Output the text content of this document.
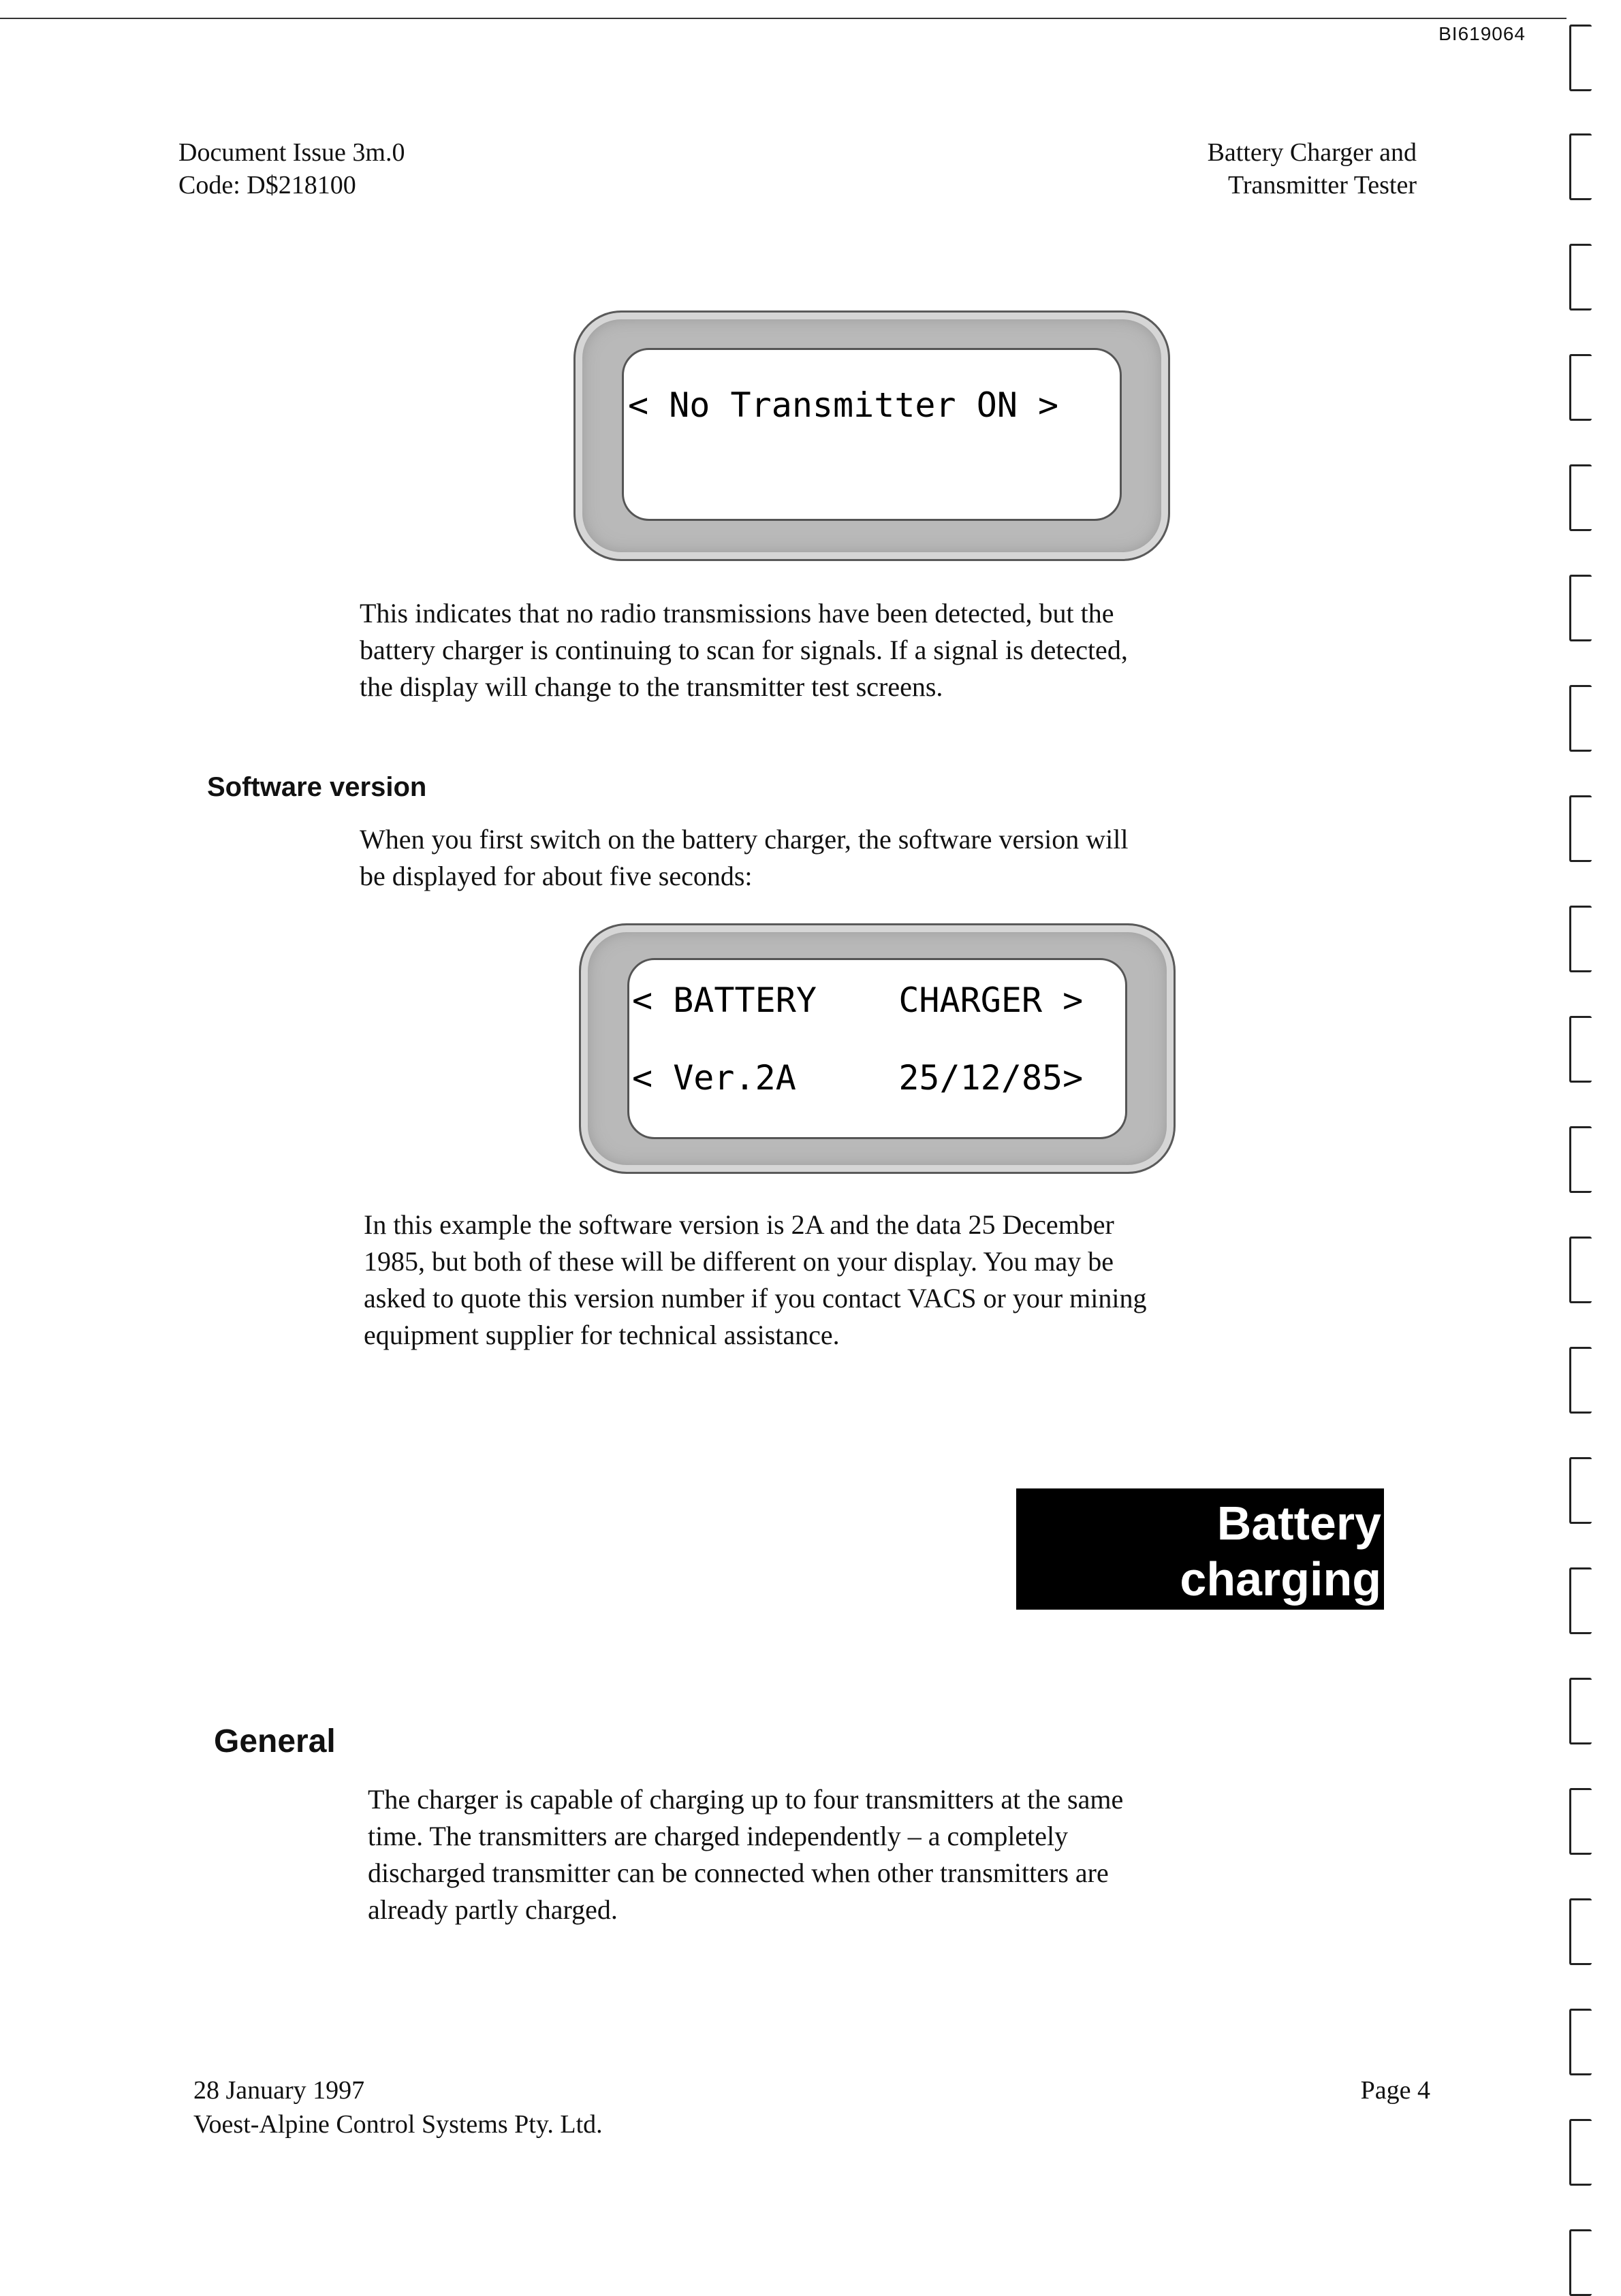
BI619064
Document Issue 3m.0
Code: D$218100
Battery Charger and
Transmitter Tester
< No Transmitter ON >
This indicates that no radio transmissions have been detected, but the
battery charger is continuing to scan for signals. If a signal is detected,
the display will change to the transmitter test screens.
Software version
When you first switch on the battery charger, the software version will
be displayed for about five seconds:
< BATTERY    CHARGER >
< Ver.2A     25/12/85>
In this example the software version is 2A and the data 25 December
1985, but both of these will be different on your display. You may be
asked to quote this version number if you contact VACS or your mining
equipment supplier for technical assistance.
Battery
charging
General
The charger is capable of charging up to four transmitters at the same
time. The transmitters are charged independently – a completely
discharged transmitter can be connected when other transmitters are
already partly charged.
28 January 1997
Voest-Alpine Control Systems Pty. Ltd.
Page 4
